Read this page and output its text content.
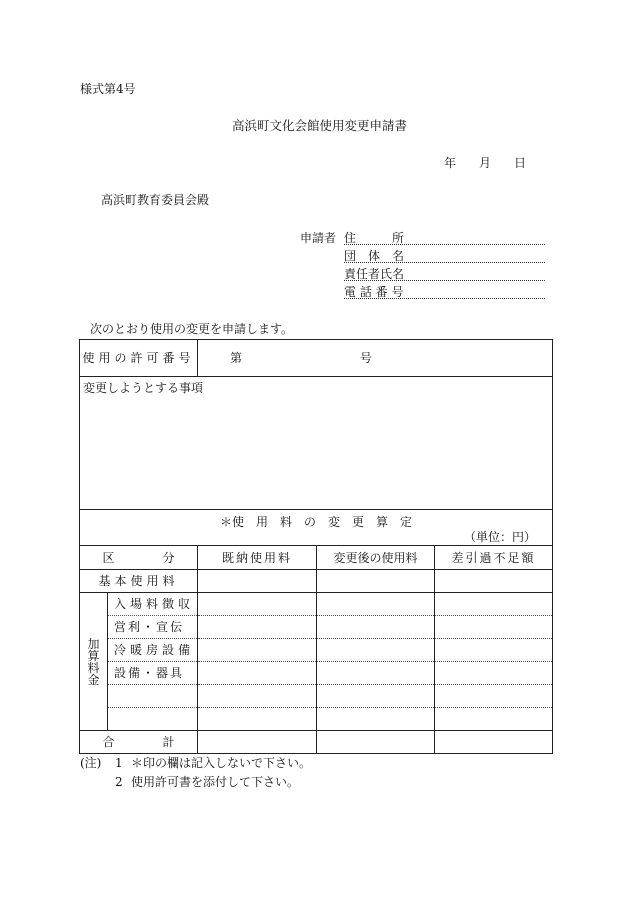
様式第4号
高浜町文化会館使用変更申請書
年 月 日
高浜町教育委員会殿
申請者 住　　　所
団　体　名
責任者氏名
電 話 番 号
次のとおり使用の変更を申請します。
使用の許可番号		第 号		
変更しようとする事項				

＊使　用　料　の　変　更　算　定
（単位：円）				

区　　　　分		既納使用料	変更後の使用料	差引過不足額
基本使用料				

加
算
料
金	入場料徴収			
	営利・宣伝			
	冷暖房設備			
	設備・器具			

合　　　　計				
(注) 1 ＊印の欄は記入しないで下さい。
2 使用許可書を添付して下さい。
